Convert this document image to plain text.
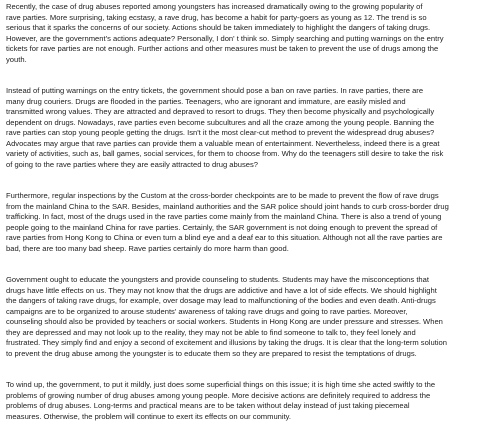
Recently, the case of drug abuses reported among youngsters has increased dramatically owing to the growing popularity of
rave parties. More surprising, taking ecstasy, a rave drug, has become a habit for party-goers as young as 12. The trend is so
serious that it sparks the concerns of our society. Actions should be taken immediately to highlight the dangers of taking drugs.
However, are the government's actions adequate? Personally, I don' t think so. Simply searching and putting warnings on the entry
tickets for rave parties are not enough. Further actions and other measures must be taken to prevent the use of drugs among the
youth.

Instead of putting warnings on the entry tickets, the government should pose a ban on rave parties. In rave parties, there are
many drug couriers. Drugs are flooded in the parties. Teenagers, who are ignorant and immature, are easily misled and
transmitted wrong values. They are attracted and depraved to resort to drugs. They then become physically and psychologically
dependent on drugs. Nowadays, rave parties even become subcultures and all the craze among the young people. Banning the
rave parties can stop young people getting the drugs. Isn't it the most clear-cut method to prevent the widespread drug abuses?
Advocates may argue that rave parties can provide them a valuable mean of entertainment. Nevertheless, indeed there is a great
variety of activities, such as, ball games, social services, for them to choose from. Why do the teenagers still desire to take the risk
of going to the rave parties where they are easily attracted to drug abuses?

Furthermore, regular inspections by the Custom at the cross-border checkpoints are to be made to prevent the flow of rave drugs
from the mainland China to the SAR. Besides, mainland authorities and the SAR police should joint hands to curb cross-border drug
trafficking. In fact, most of the drugs used in the rave parties come mainly from the mainland China. There is also a trend of young
people going to the mainland China for rave parties. Certainly, the SAR government is not doing enough to prevent the spread of
rave parties from Hong Kong to China or even turn a blind eye and a deaf ear to this situation. Although not all the rave parties are
bad, there are too many bad sheep. Rave parties certainly do more harm than good.

Government ought to educate the youngsters and provide counseling to students. Students may have the misconceptions that
drugs have little effects on us. They may not know that the drugs are addictive and have a lot of side effects. We should highlight
the dangers of taking rave drugs, for example, over dosage may lead to malfunctioning of the bodies and even death. Anti-drugs
campaigns are to be organized to arouse students' awareness of taking rave drugs and going to rave parties. Moreover,
counseling should also be provided by teachers or social workers. Students in Hong Kong are under pressure and stresses. When
they are depressed and may not look up to the reality, they may not be able to find someone to talk to, they feel lonely and
frustrated. They simply find and enjoy a second of excitement and illusions by taking the drugs. It is clear that the long-term solution
to prevent the drug abuse among the youngster is to educate them so they are prepared to resist the temptations of drugs.

To wind up, the government, to put it mildly, just does some superficial things on this issue; it is high time she acted swiftly to the
problems of growing number of drug abuses among young people. More decisive actions are definitely required to address the
problems of drug abuses. Long-terms and practical means are to be taken without delay instead of just taking piecemeal
measures. Otherwise, the problem will continue to exert its effects on our community.
